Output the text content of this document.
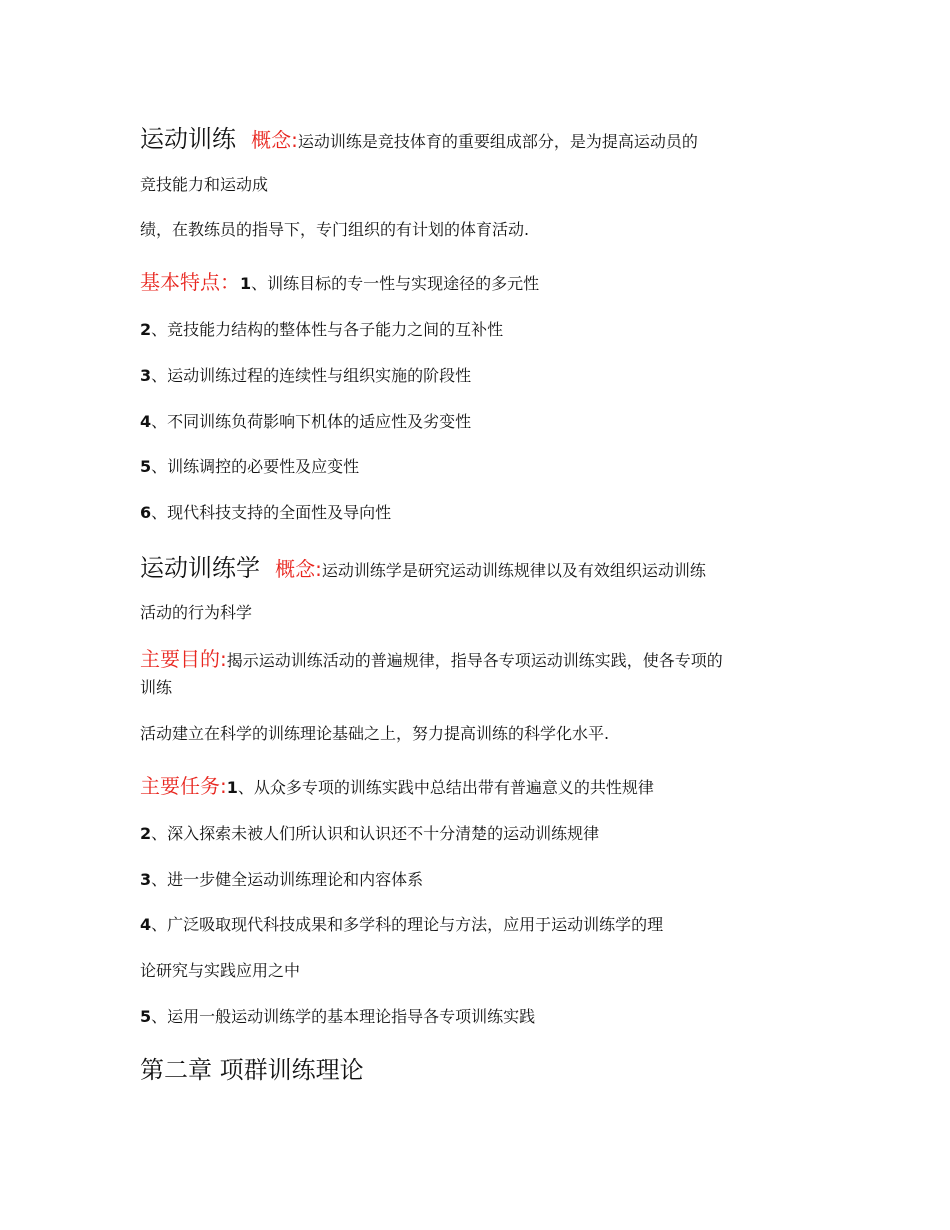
运动训练 概念:运动训练是竞技体育的重要组成部分，是为提高运动员的
竞技能力和运动成
绩，在教练员的指导下，专门组织的有计划的体育活动.
基本特点：1、训练目标的专一性与实现途径的多元性
2、竞技能力结构的整体性与各子能力之间的互补性
3、运动训练过程的连续性与组织实施的阶段性
4、不同训练负荷影响下机体的适应性及劣变性
5、训练调控的必要性及应变性
6、现代科技支持的全面性及导向性
运动训练学 概念:运动训练学是研究运动训练规律以及有效组织运动训练
活动的行为科学
主要目的:揭示运动训练活动的普遍规律，指导各专项运动训练实践，使各专项的
训练
活动建立在科学的训练理论基础之上，努力提高训练的科学化水平.
主要任务:1、从众多专项的训练实践中总结出带有普遍意义的共性规律
2、深入探索未被人们所认识和认识还不十分清楚的运动训练规律
3、进一步健全运动训练理论和内容体系
4、广泛吸取现代科技成果和多学科的理论与方法，应用于运动训练学的理
论研究与实践应用之中
5、运用一般运动训练学的基本理论指导各专项训练实践
第二章 项群训练理论
